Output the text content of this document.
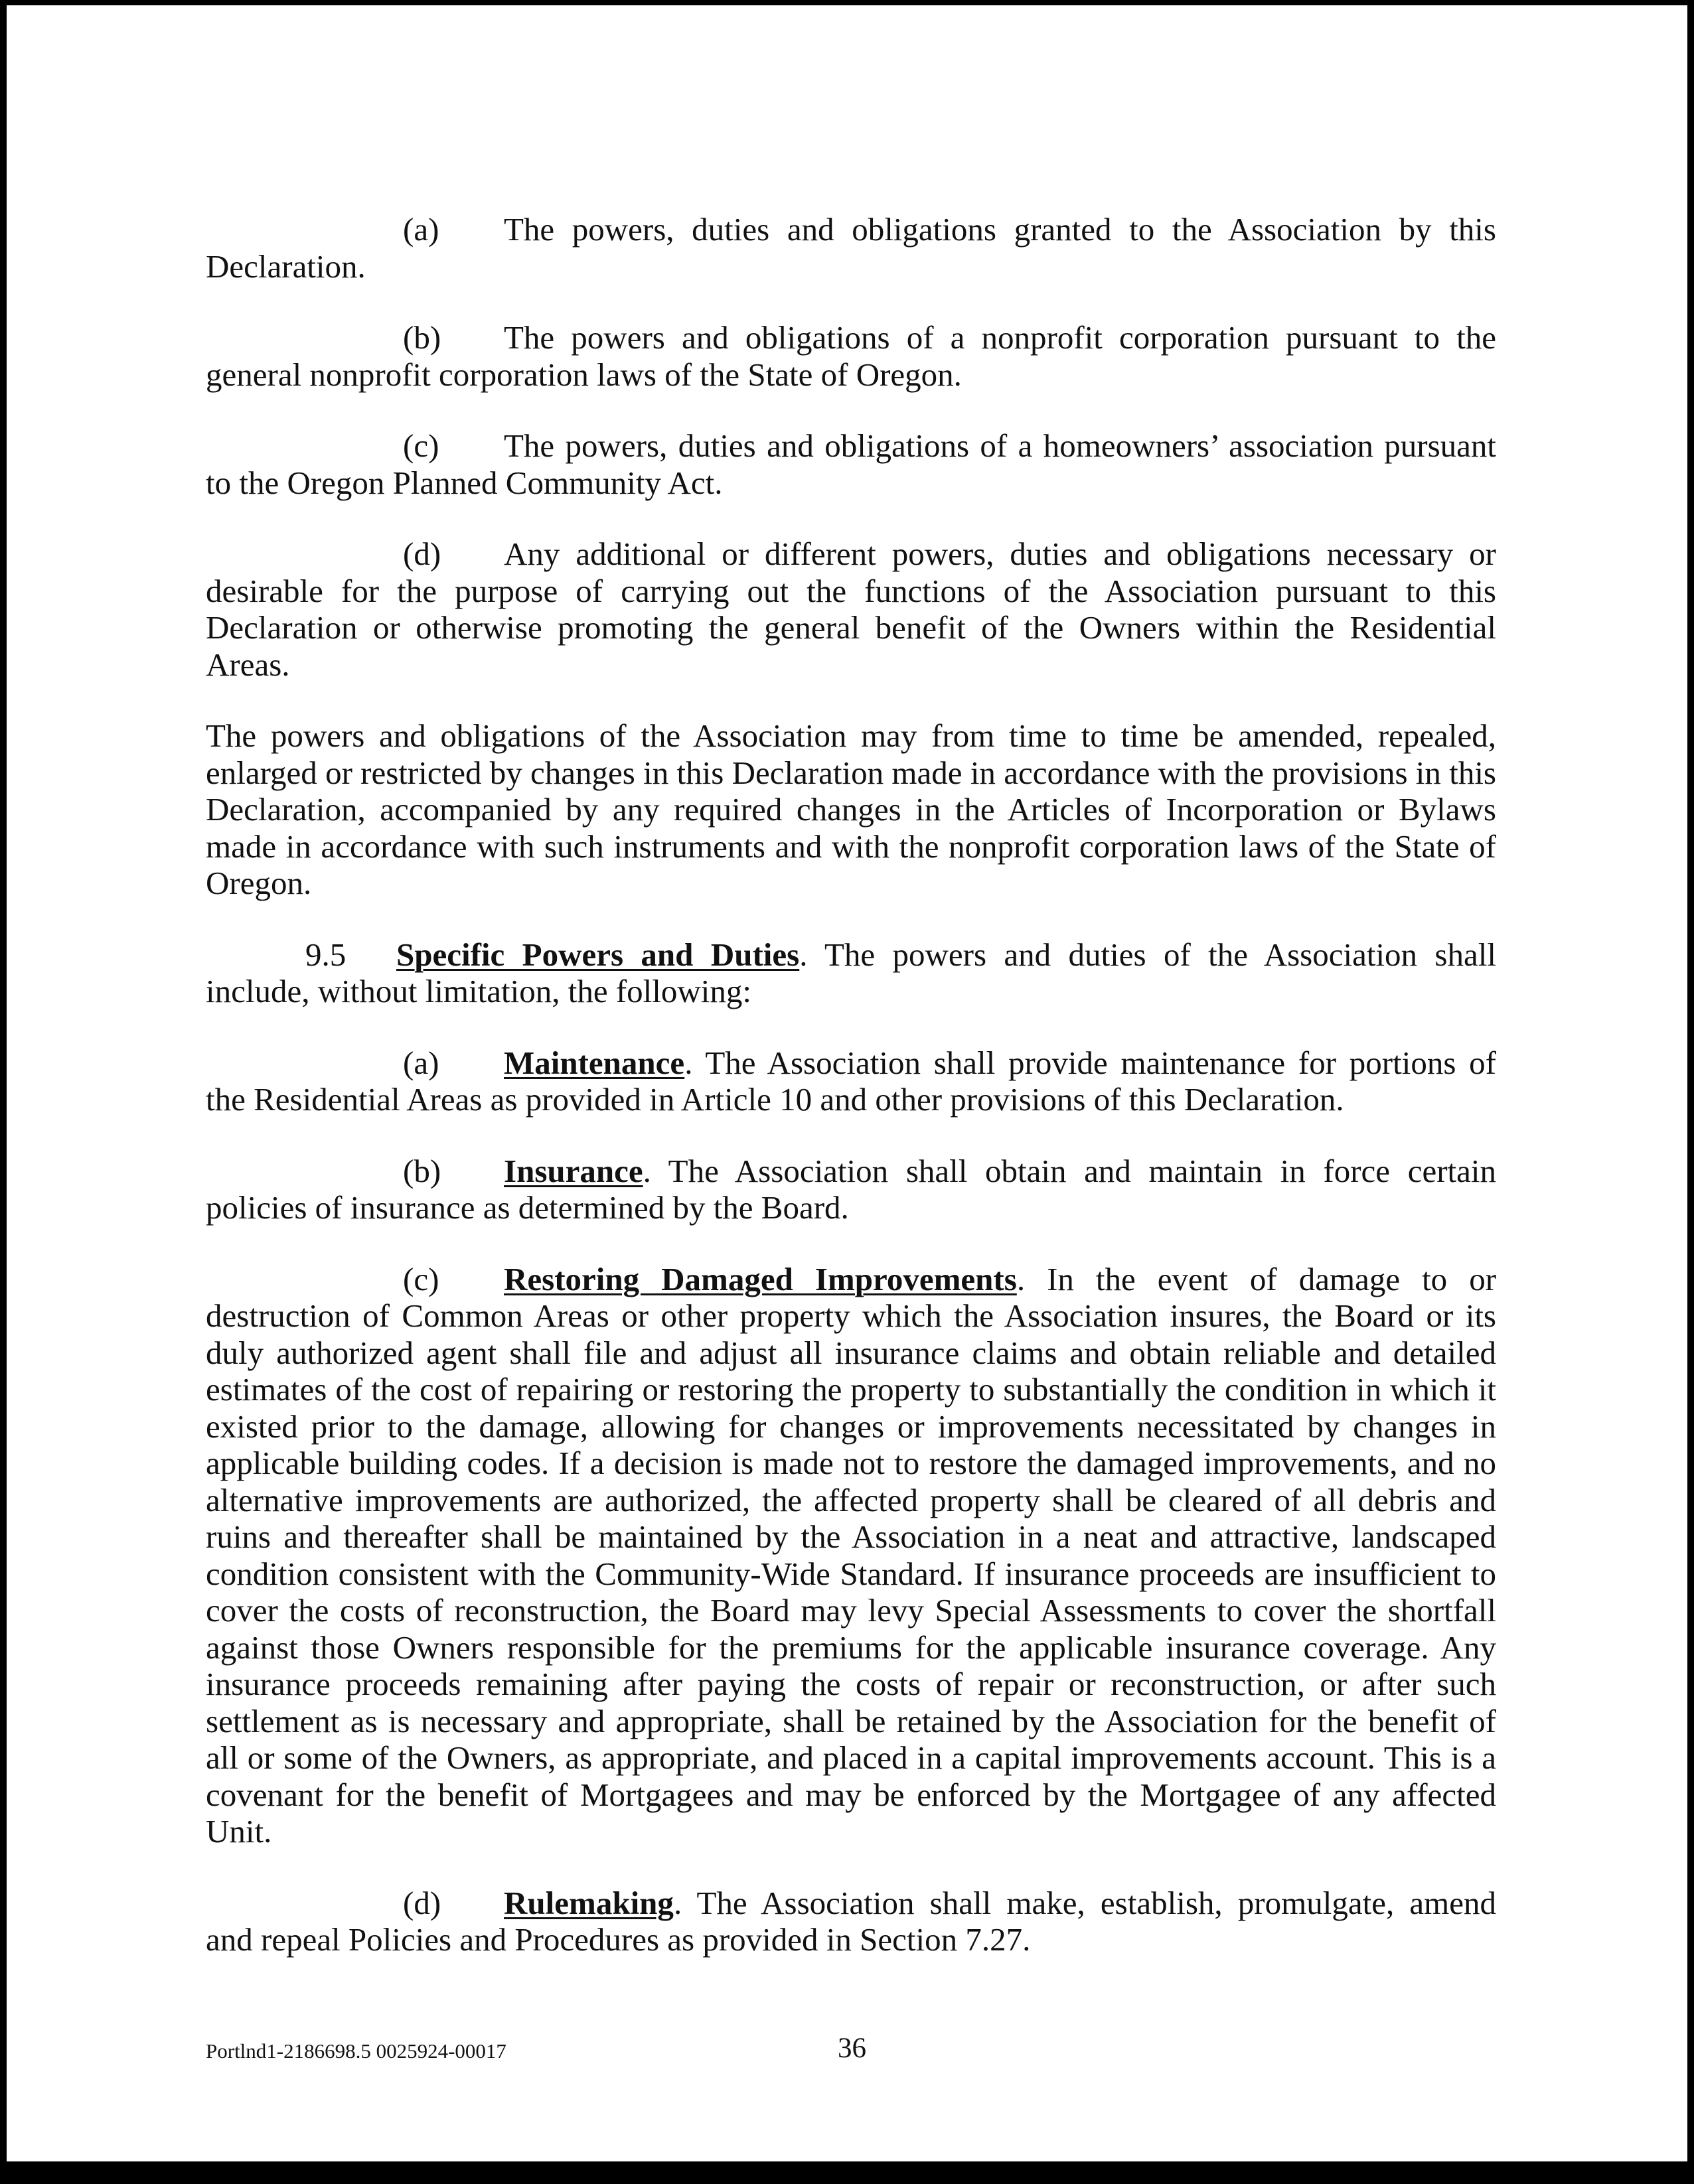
(a) The powers, duties and obligations granted to the Association by this Declaration.

(b) The powers and obligations of a nonprofit corporation pursuant to the general nonprofit corporation laws of the State of Oregon.

(c) The powers, duties and obligations of a homeowners’ association pursuant to the Oregon Planned Community Act.

(d) Any additional or different powers, duties and obligations necessary or desirable for the purpose of carrying out the functions of the Association pursuant to this Declaration or otherwise promoting the general benefit of the Owners within the Residential Areas.

The powers and obligations of the Association may from time to time be amended, repealed, enlarged or restricted by changes in this Declaration made in accordance with the provisions in this Declaration, accompanied by any required changes in the Articles of Incorporation or Bylaws made in accordance with such instruments and with the nonprofit corporation laws of the State of Oregon.

9.5 Specific Powers and Duties. The powers and duties of the Association shall include, without limitation, the following:

(a) Maintenance. The Association shall provide maintenance for portions of the Residential Areas as provided in Article 10 and other provisions of this Declaration.

(b) Insurance. The Association shall obtain and maintain in force certain policies of insurance as determined by the Board.

(c) Restoring Damaged Improvements. In the event of damage to or destruction of Common Areas or other property which the Association insures, the Board or its duly authorized agent shall file and adjust all insurance claims and obtain reliable and detailed estimates of the cost of repairing or restoring the property to substantially the condition in which it existed prior to the damage, allowing for changes or improvements necessitated by changes in applicable building codes. If a decision is made not to restore the damaged improvements, and no alternative improvements are authorized, the affected property shall be cleared of all debris and ruins and thereafter shall be maintained by the Association in a neat and attractive, landscaped condition consistent with the Community-Wide Standard. If insurance proceeds are insufficient to cover the costs of reconstruction, the Board may levy Special Assessments to cover the shortfall against those Owners responsible for the premiums for the applicable insurance coverage. Any insurance proceeds remaining after paying the costs of repair or reconstruction, or after such settlement as is necessary and appropriate, shall be retained by the Association for the benefit of all or some of the Owners, as appropriate, and placed in a capital improvements account. This is a covenant for the benefit of Mortgagees and may be enforced by the Mortgagee of any affected Unit.

(d) Rulemaking. The Association shall make, establish, promulgate, amend and repeal Policies and Procedures as provided in Section 7.27.

Portlnd1-2186698.5 0025924-00017	36
